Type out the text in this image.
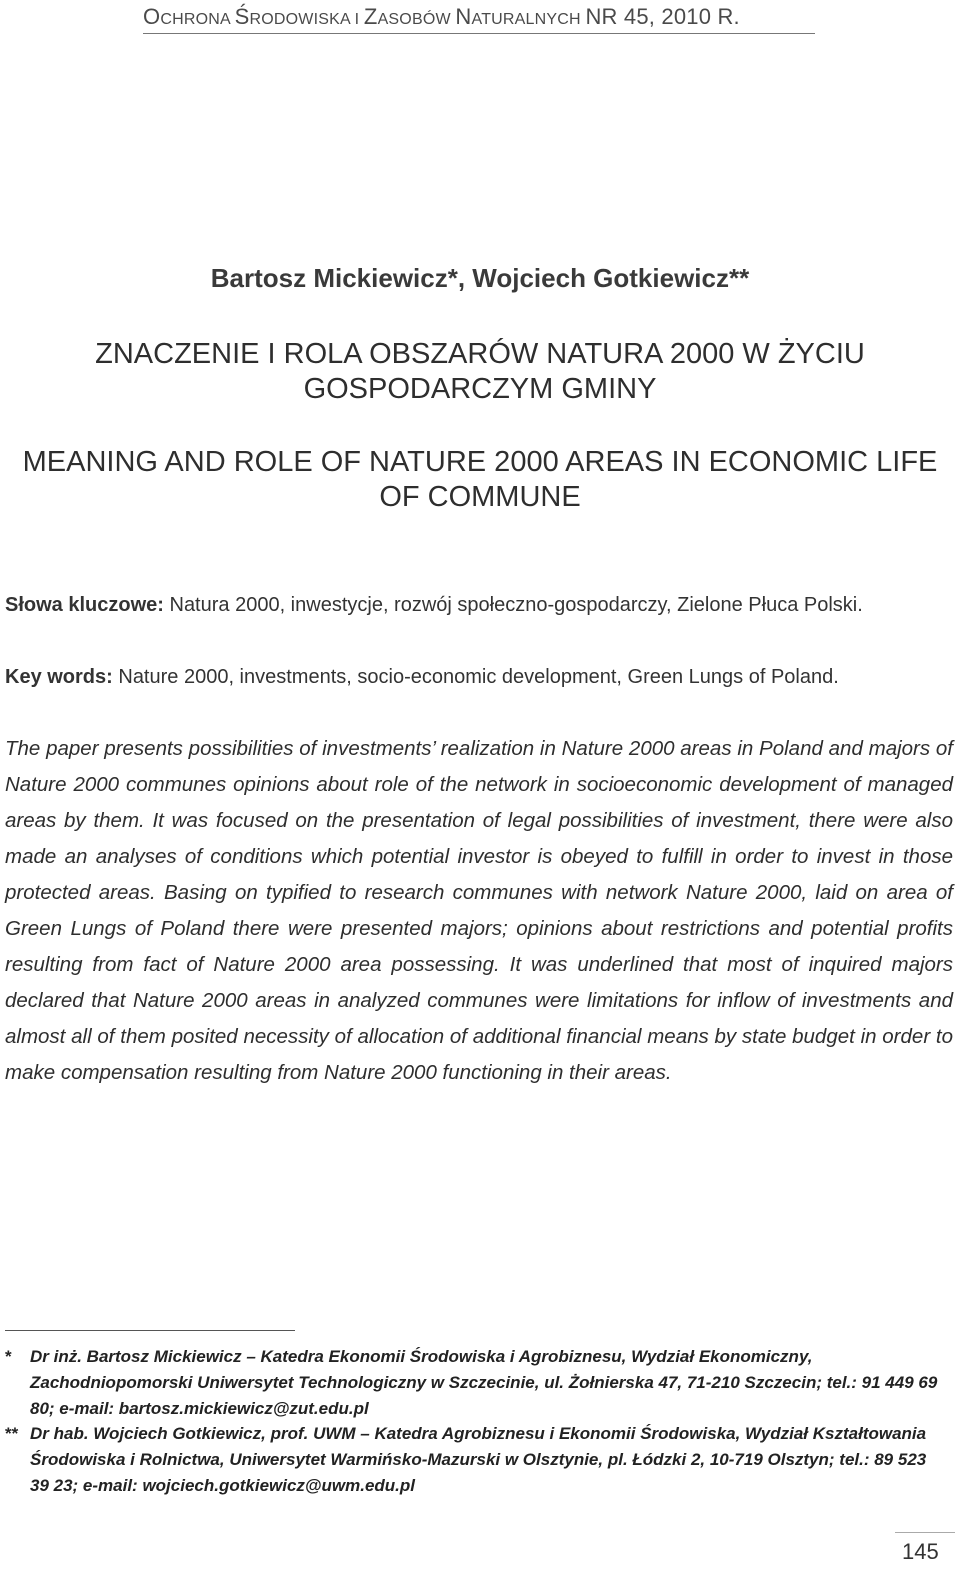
OCHRONA ŚRODOWISKA I ZASOBÓW NATURALNYCH NR 45, 2010 R.
Bartosz Mickiewicz*, Wojciech Gotkiewicz**
ZNACZENIE I ROLA OBSZARÓW NATURA 2000 W ŻYCIU
GOSPODARCZYM GMINY
MEANING AND ROLE OF NATURE 2000 AREAS IN ECONOMIC LIFE
OF COMMUNE
Słowa kluczowe: Natura 2000, inwestycje, rozwój społeczno-gospodarczy, Zielone Płuca Polski.
Key words: Nature 2000, investments, socio-economic development, Green Lungs of Poland.
The paper presents possibilities of investments’ realization in Nature 2000 areas in Poland and majors of Nature 2000 communes opinions about role of the network in socioeconomic development of managed areas by them. It was focused on the presentation of legal possibilities of investment, there were also made an analyses of conditions which potential investor is obeyed to fulfill in order to invest in those protected areas. Basing on typified to research communes with network Nature 2000, laid on area of Green Lungs of Poland there were presented majors; opinions about restrictions and potential profits resulting from fact of Nature 2000 area possessing. It was underlined that most of inquired majors declared that Nature 2000 areas in analyzed communes were limitations for inflow of investments and almost all of them posited necessity of allocation of additional financial means by state budget in order to make compensation resulting from Nature 2000 functioning in their areas.
* Dr inż. Bartosz Mickiewicz – Katedra Ekonomii Środowiska i Agrobiznesu, Wydział Ekonomiczny, Zachodniopomorski Uniwersytet Technologiczny w Szczecinie, ul. Żołnierska 47, 71-210 Szczecin; tel.: 91 449 69 80; e-mail: bartosz.mickiewicz@zut.edu.pl
** Dr hab. Wojciech Gotkiewicz, prof. UWM – Katedra Agrobiznesu i Ekonomii Środowiska, Wydział Kształtowania Środowiska i Rolnictwa, Uniwersytet Warmińsko-Mazurski w Olsztynie, pl. Łódzki 2, 10-719 Olsztyn; tel.: 89 523 39 23; e-mail: wojciech.gotkiewicz@uwm.edu.pl
145
